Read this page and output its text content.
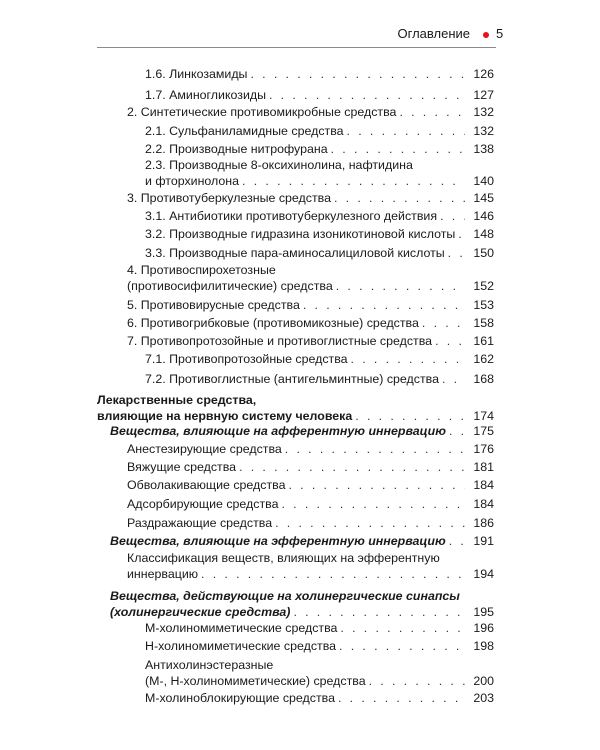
Оглавление 5
1.6. Линкозамиды . . .	126
1.7. Аминогликозиды . . .	127
2. Синтетические противомикробные средства . . .	132
2.1. Сульфаниламидные средства . . .	132
2.2. Производные нитрофурана . . .	138
2.3. Производные 8-оксихинолина, нафтидина
и фторхинолона . . .	140
3. Противотуберкулезные средства . . .	145
3.1. Антибиотики противотуберкулезного действия . . .	146
3.2. Производные гидразина изоникотиновой кислоты . . .	148
3.3. Производные пара-аминосалициловой кислоты . . .	150
4. Противоспирохетозные
(противосифилитические) средства . . .	152
5. Противовирусные средства . . .	153
6. Противогрибковые (противомикозные) средства . . .	158
7. Противопротозойные и противоглистные средства . . .	161
7.1. Противопротозойные средства . . .	162
7.2. Противоглистные (антигельминтные) средства . . .	168
Лекарственные средства,
влияющие на нервную систему человека . . .	174
Вещества, влияющие на афферентную иннервацию . . .	175
Анестезирующие средства . . .	176
Вяжущие средства . . .	181
Обволакивающие средства . . .	184
Адсорбирующие средства . . .	184
Раздражающие средства . . .	186
Вещества, влияющие на эфферентную иннервацию . . .	191
Классификация веществ, влияющих на эфферентную
иннервацию . . .	194
Вещества, действующие на холинергические синапсы
(холинергические средства) . . .	195
М-холиномиметические средства . . .	196
Н-холиномиметические средства . . .	198
Антихолинэстеразные
(М-, Н-холиномиметические) средства . . .	200
М-холиноблокирующие средства . . .	203
